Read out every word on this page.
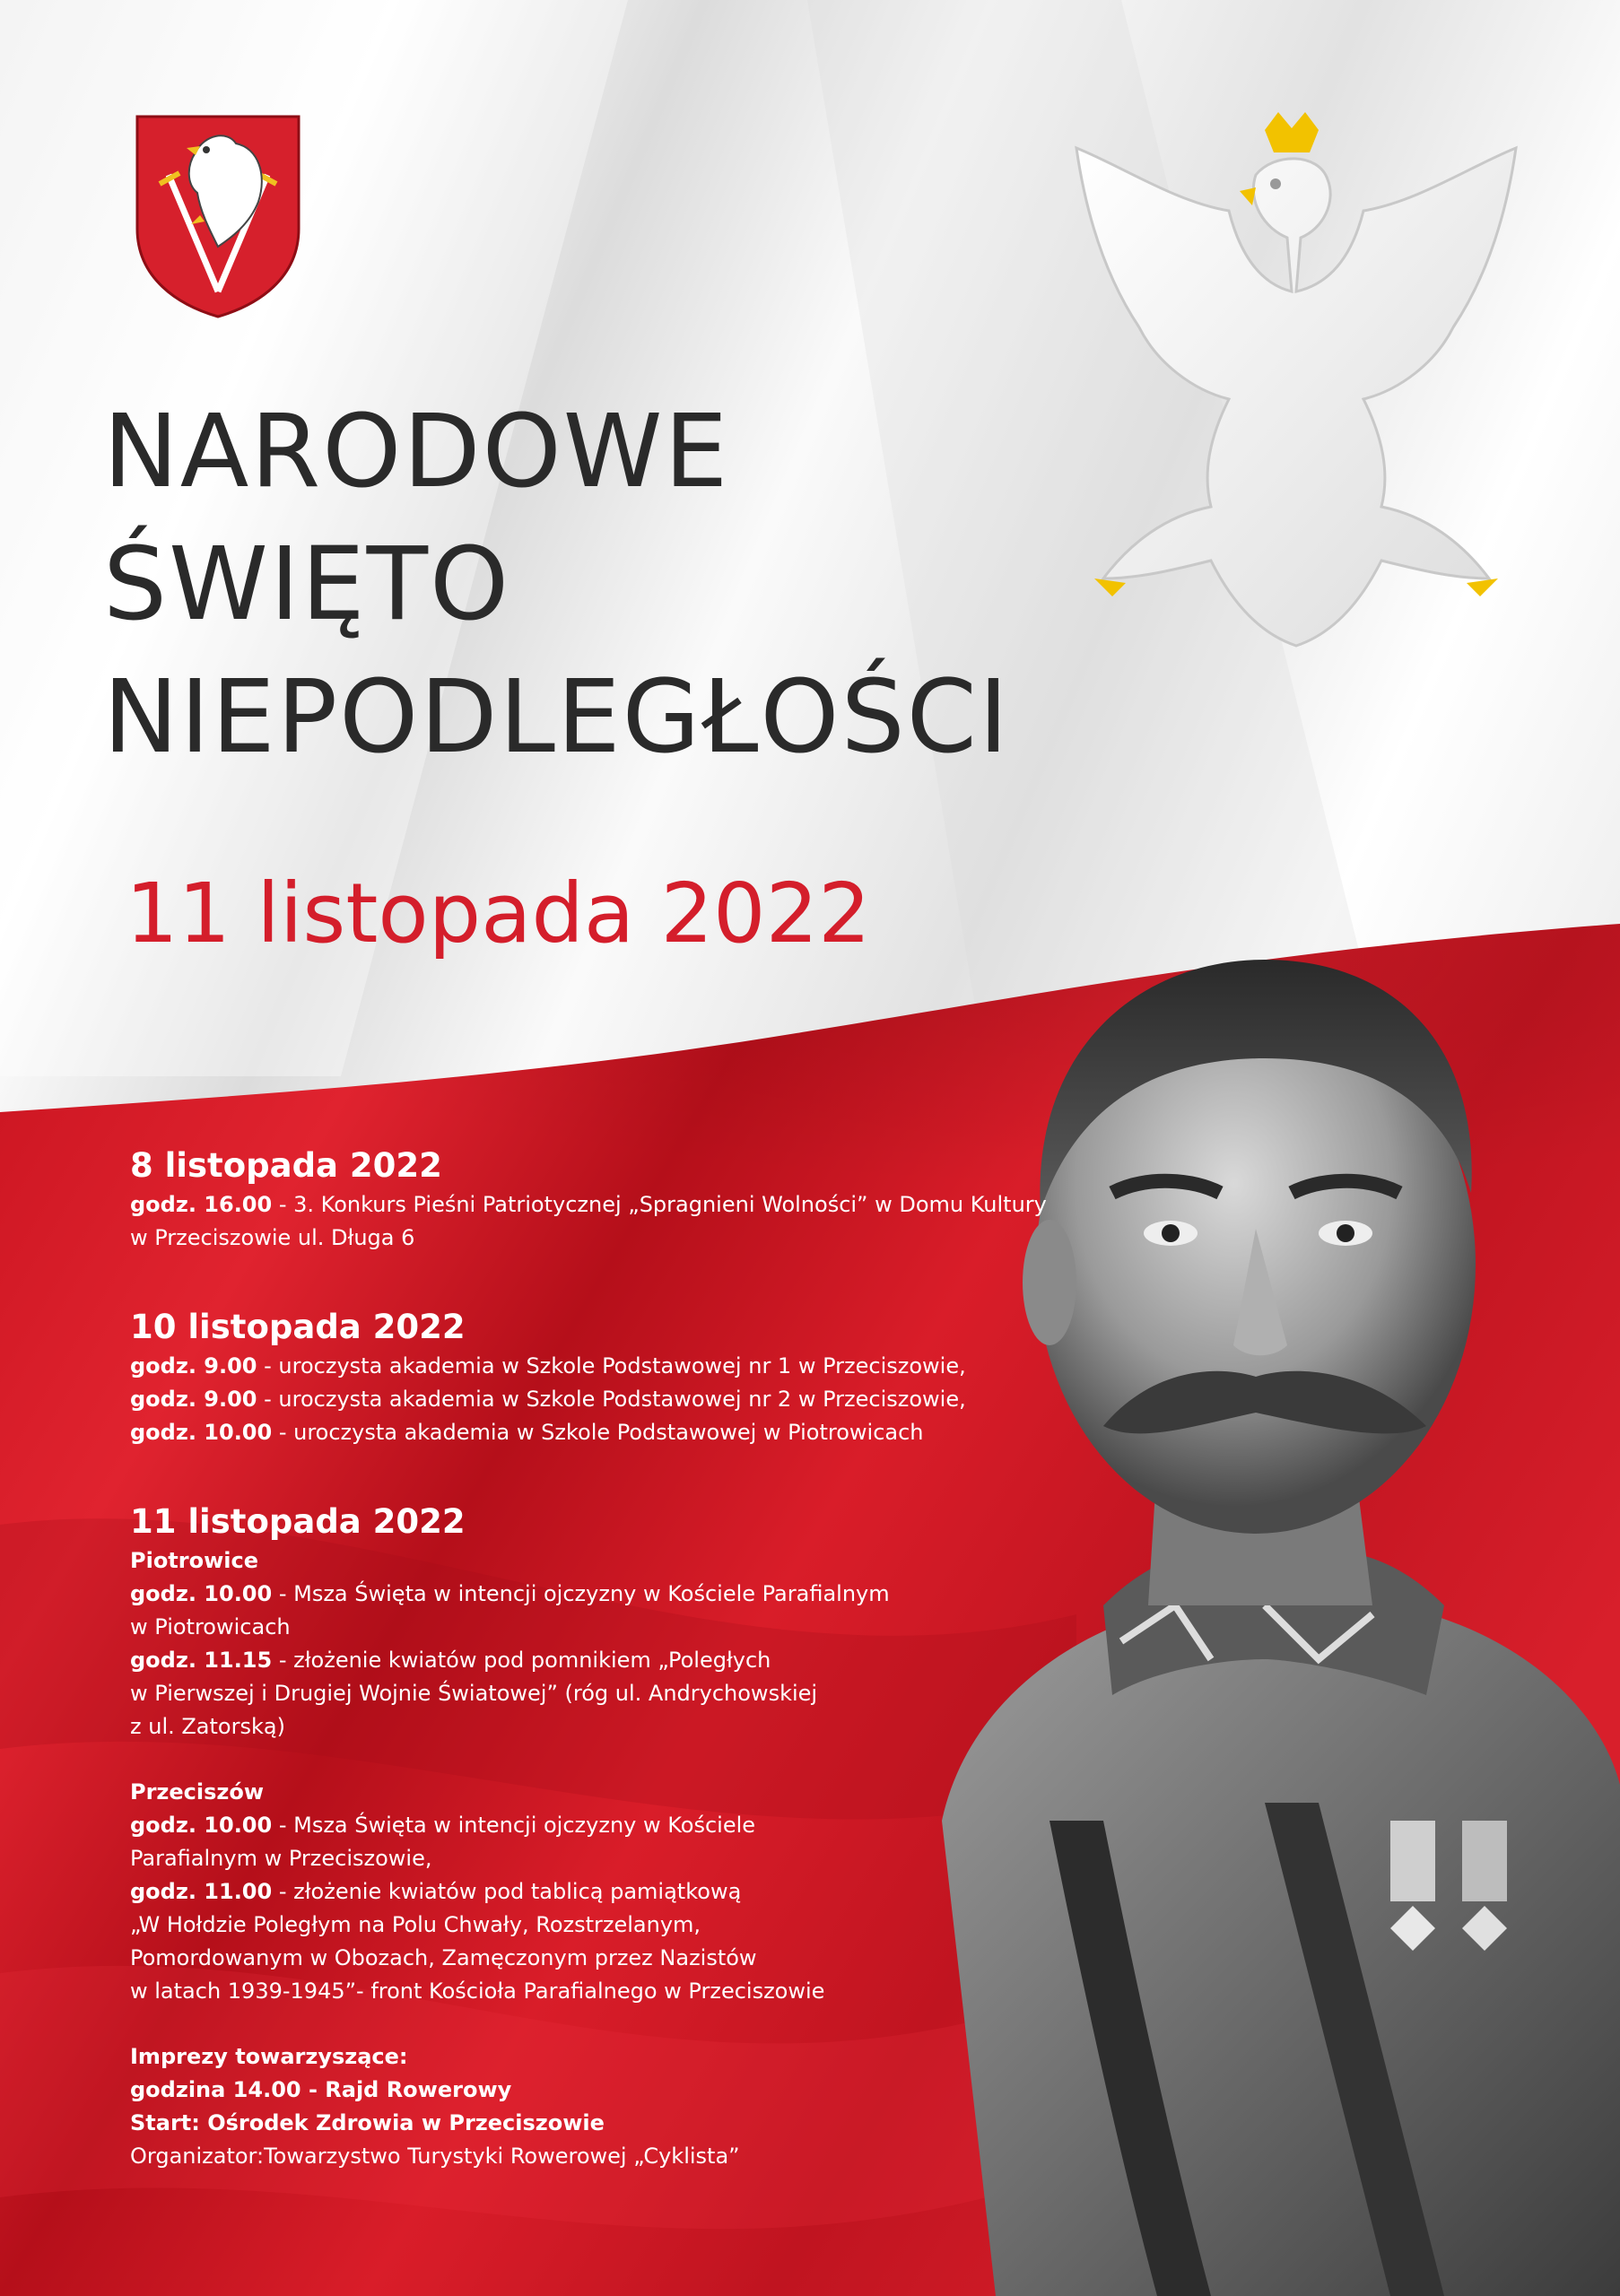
NARODOWE
ŚWIĘTO
NIEPODLEGŁOŚCI
11 listopada 2022

8 listopada 2022

godz. 16.00 - 3. Konkurs Pieśni Patriotycznej „Spragnieni Wolności” w Domu Kultury

w Przeciszowie ul. Długa 6

10 listopada 2022

godz. 9.00 - uroczysta akademia w Szkole Podstawowej nr 1 w Przeciszowie,

godz. 9.00 - uroczysta akademia w Szkole Podstawowej nr 2 w Przeciszowie,

godz. 10.00 - uroczysta akademia w Szkole Podstawowej w Piotrowicach

11 listopada 2022

Piotrowice

godz. 10.00 - Msza Święta w intencji ojczyzny w Kościele Parafialnym

w Piotrowicach

godz. 11.15 - złożenie kwiatów pod pomnikiem „Poległych

w Pierwszej i Drugiej Wojnie Światowej” (róg ul. Andrychowskiej

z ul. Zatorską)

Przeciszów

godz. 10.00 - Msza Święta w intencji ojczyzny w Kościele

Parafialnym w Przeciszowie,

godz. 11.00 - złożenie kwiatów pod tablicą pamiątkową

„W Hołdzie Poległym na Polu Chwały, Rozstrzelanym,

Pomordowanym w Obozach, Zamęczonym przez Nazistów

w latach 1939-1945”- front Kościoła Parafialnego w Przeciszowie

Imprezy towarzyszące:

godzina 14.00 - Rajd Rowerowy

Start: Ośrodek Zdrowia w Przeciszowie

Organizator:Towarzystwo Turystyki Rowerowej „Cyklista”
